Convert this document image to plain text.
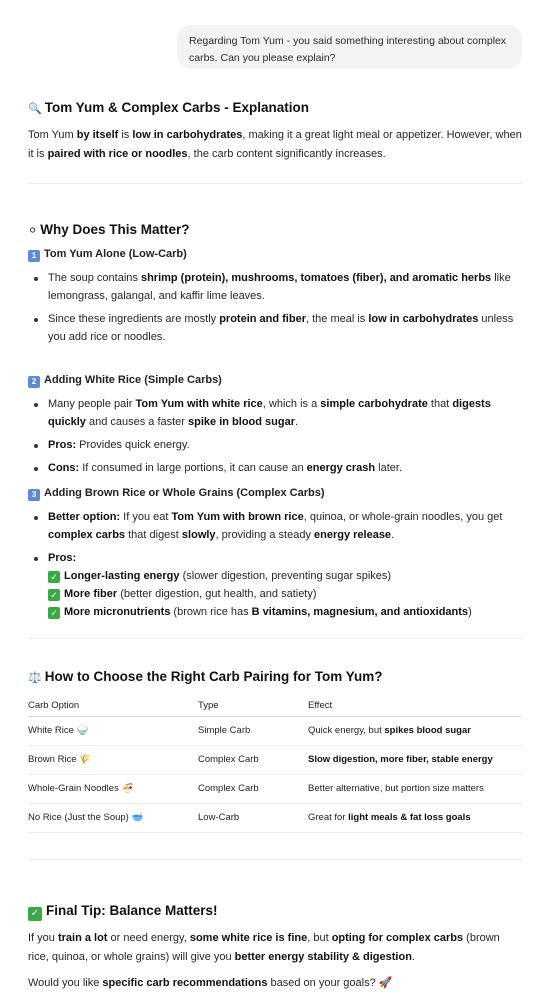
Regarding Tom Yum - you said something interesting about complex carbs. Can you please explain?
🔍 Tom Yum & Complex Carbs - Explanation

Tom Yum by itself is low in carbohydrates, making it a great light meal or appetizer. However, when it is paired with rice or noodles, the carb content significantly increases.

⚪ Why Does This Matter?
1 Tom Yum Alone (Low-Carb)
The soup contains shrimp (protein), mushrooms, tomatoes (fiber), and aromatic herbs like lemongrass, galangal, and kaffir lime leaves.
Since these ingredients are mostly protein and fiber, the meal is low in carbohydrates unless you add rice or noodles.
2 Adding White Rice (Simple Carbs)
Many people pair Tom Yum with white rice, which is a simple carbohydrate that digests quickly and causes a faster spike in blood sugar.
Pros: Provides quick energy.
Cons: If consumed in large portions, it can cause an energy crash later.
3 Adding Brown Rice or Whole Grains (Complex Carbs)
Better option: If you eat Tom Yum with brown rice, quinoa, or whole-grain noodles, you get complex carbs that digest slowly, providing a steady energy release.
Pros:
✓ Longer-lasting energy (slower digestion, preventing sugar spikes)
✓ More fiber (better digestion, gut health, and satiety)
✓ More micronutrients (brown rice has B vitamins, magnesium, and antioxidants)
⚖️ How to Choose the Right Carb Pairing for Tom Yum?
Carb Option	Type	Effect
White Rice 🍚	Simple Carb	Quick energy, but spikes blood sugar
Brown Rice 🌾	Complex Carb	Slow digestion, more fiber, stable energy
Whole-Grain Noodles 🍜	Complex Carb	Better alternative, but portion size matters
No Rice (Just the Soup) 🥣	Low-Carb	Great for light meals & fat loss goals
✓ Final Tip: Balance Matters!

If you train a lot or need energy, some white rice is fine, but opting for complex carbs (brown rice, quinoa, or whole grains) will give you better energy stability & digestion.

Would you like specific carb recommendations based on your goals? 🚀
